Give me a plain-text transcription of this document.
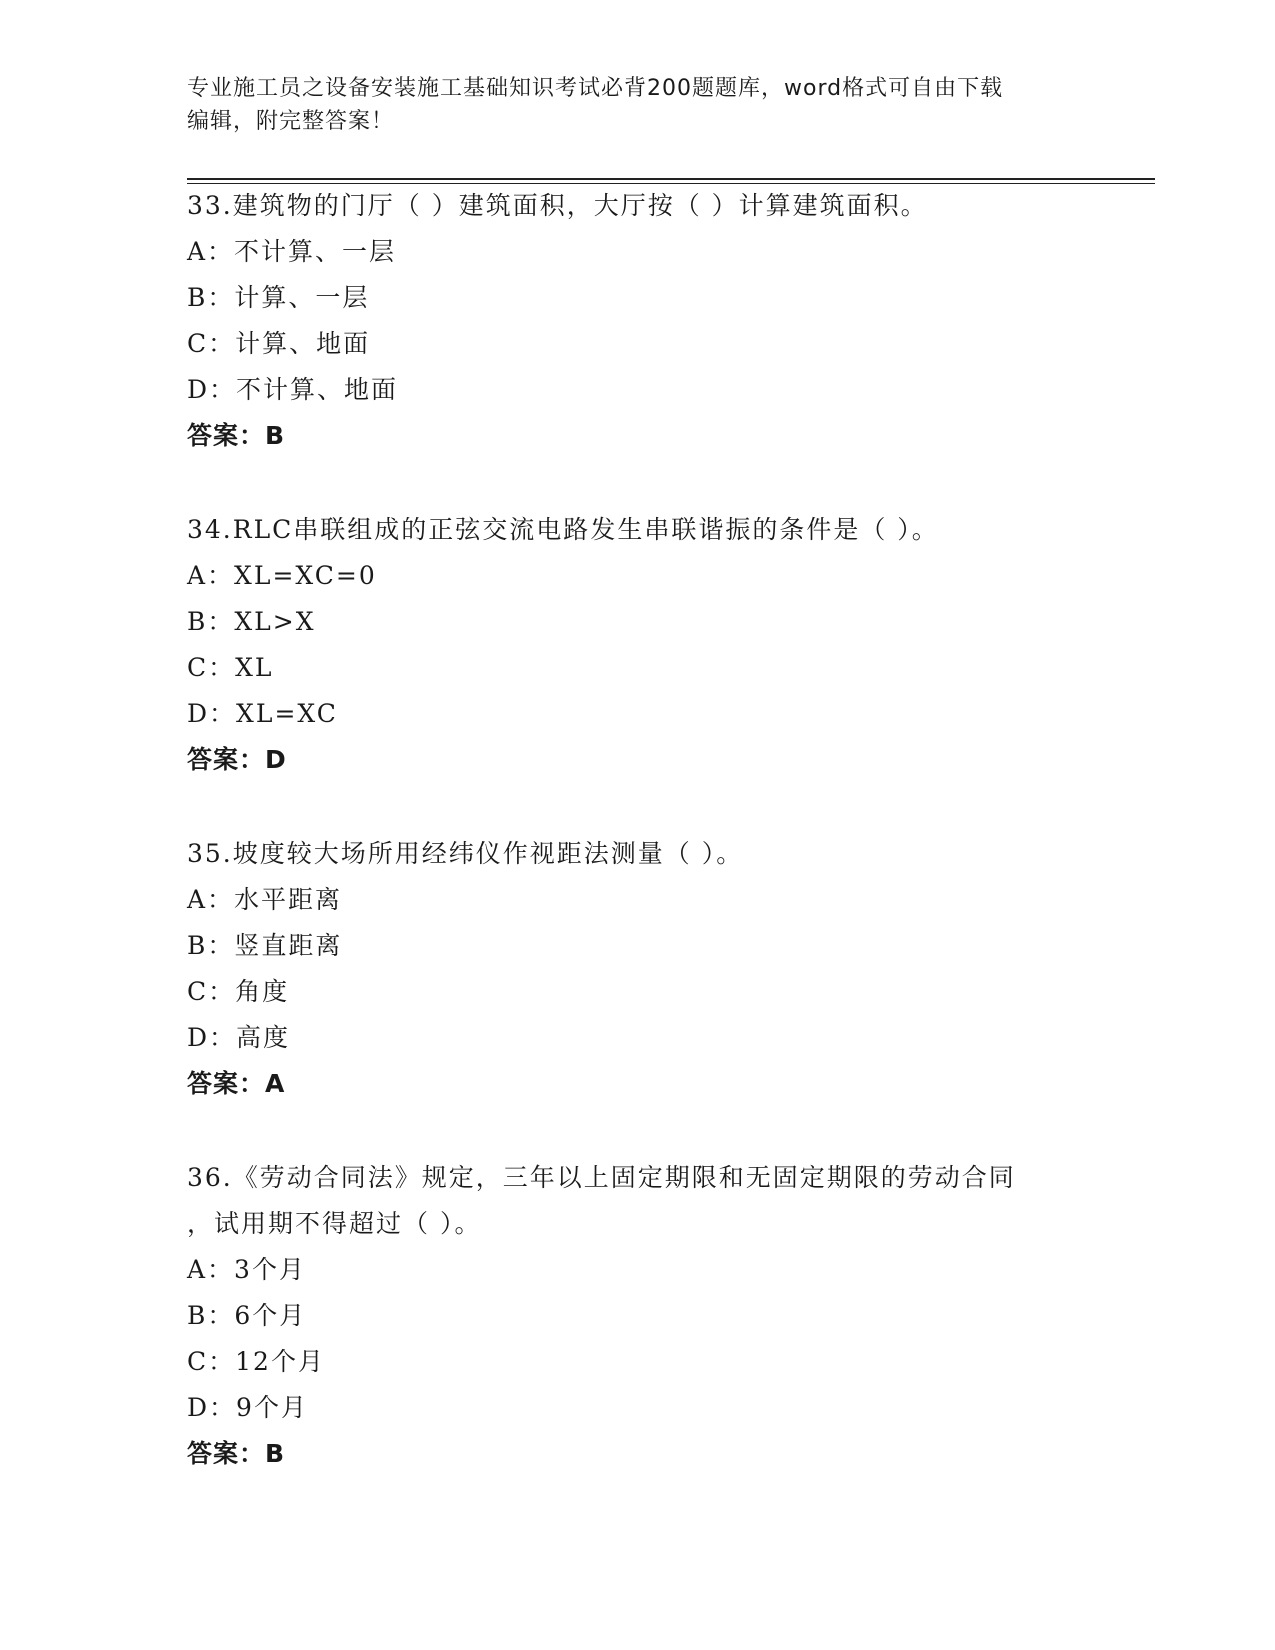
专业施工员之设备安装施工基础知识考试必背200题题库，word格式可自由下载
编辑，附完整答案！
33.建筑物的门厅（ ）建筑面积，大厅按（ ）计算建筑面积。
A：不计算、一层
B：计算、一层
C：计算、地面
D：不计算、地面
答案：B
34.RLC串联组成的正弦交流电路发生串联谐振的条件是（ ）。
A：XL=XC=0
B：XL>X
C：XL
D：XL=XC
答案：D
35.坡度较大场所用经纬仪作视距法测量（ ）。
A：水平距离
B：竖直距离
C：角度
D：高度
答案：A
36.《劳动合同法》规定，三年以上固定期限和无固定期限的劳动合同
，试用期不得超过（ ）。
A：3个月
B：6个月
C：12个月
D：9个月
答案：B
